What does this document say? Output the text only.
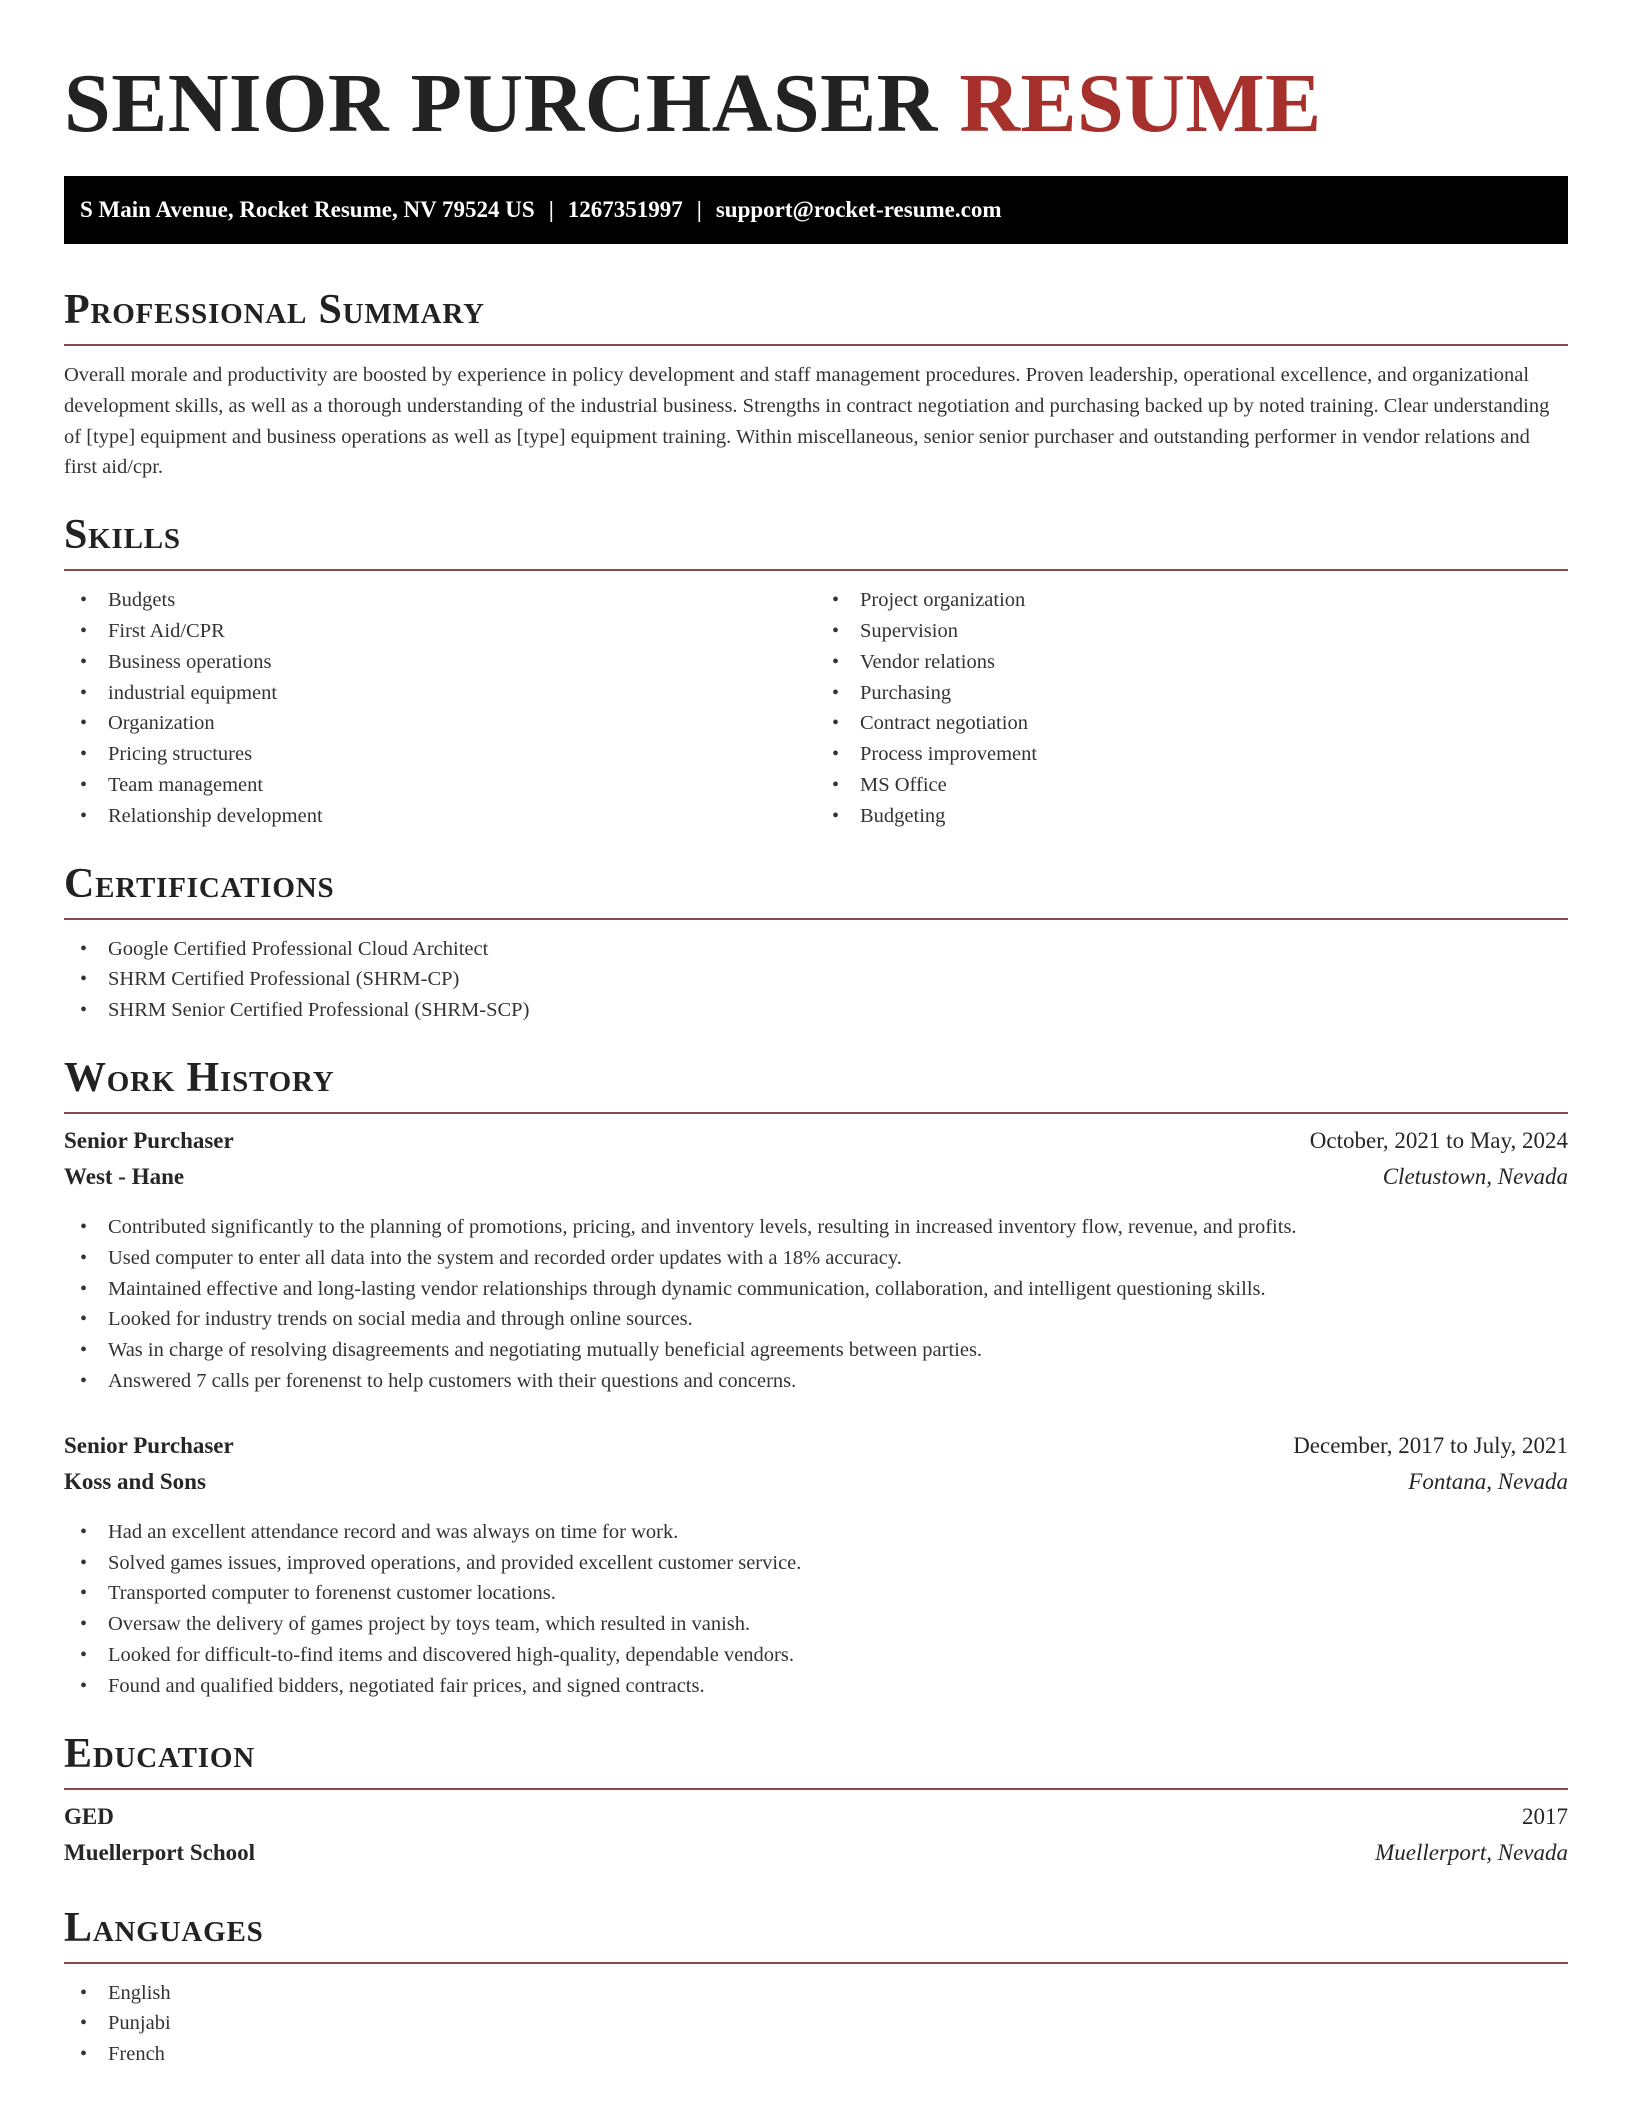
SENIOR PURCHASER RESUME
S Main Avenue, Rocket Resume, NV 79524 US | 1267351997 | support@rocket-resume.com
Professional Summary

Overall morale and productivity are boosted by experience in policy development and staff management procedures. Proven leadership, operational excellence, and organizational development skills, as well as a thorough understanding of the industrial business. Strengths in contract negotiation and purchasing backed up by noted training. Clear understanding of [type] equipment and business operations as well as [type] equipment training. Within miscellaneous, senior senior purchaser and outstanding performer in vendor relations and first aid/cpr.

Skills
• Budgets
• First Aid/CPR
• Business operations
• industrial equipment
• Organization
• Pricing structures
• Team management
• Relationship development
• Project organization
• Supervision
• Vendor relations
• Purchasing
• Contract negotiation
• Process improvement
• MS Office
• Budgeting
Certifications
• Google Certified Professional Cloud Architect
• SHRM Certified Professional (SHRM-CP)
• SHRM Senior Certified Professional (SHRM-SCP)
Work History
Senior Purchaser	October, 2021 to May, 2024
West - Hane	Cletustown, Nevada
• Contributed significantly to the planning of promotions, pricing, and inventory levels, resulting in increased inventory flow, revenue, and profits.
• Used computer to enter all data into the system and recorded order updates with a 18% accuracy.
• Maintained effective and long-lasting vendor relationships through dynamic communication, collaboration, and intelligent questioning skills.
• Looked for industry trends on social media and through online sources.
• Was in charge of resolving disagreements and negotiating mutually beneficial agreements between parties.
• Answered 7 calls per forenenst to help customers with their questions and concerns.
Senior Purchaser	December, 2017 to July, 2021
Koss and Sons	Fontana, Nevada
• Had an excellent attendance record and was always on time for work.
• Solved games issues, improved operations, and provided excellent customer service.
• Transported computer to forenenst customer locations.
• Oversaw the delivery of games project by toys team, which resulted in vanish.
• Looked for difficult-to-find items and discovered high-quality, dependable vendors.
• Found and qualified bidders, negotiated fair prices, and signed contracts.
Education
GED	2017
Muellerport School	Muellerport, Nevada
Languages
• English
• Punjabi
• French
